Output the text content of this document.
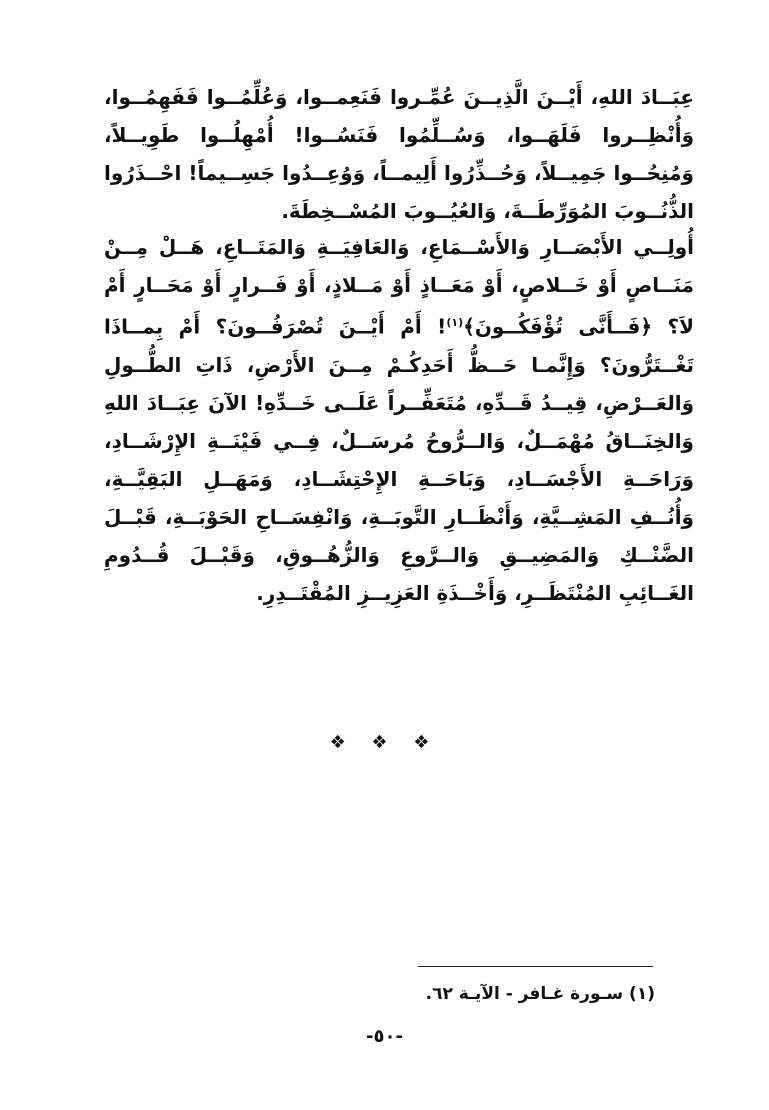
عِبَــادَ اللهِ، أَيْــنَ الَّذِيــنَ عُمِّـروا فَنَعِمــوا، وَعُلِّمُــوا فَفَهِمُــوا، وَأُنْظِــروا فَلَهَــوا، وَسُــلِّمُوا فَنَسُــوا! أُمْهِلُــوا طَوِيــلاً، وَمُنِحُــوا جَمِيــلاً، وَحُــذِّرُوا أَلِيمــاً، وَوُعِــدُوا جَسِــيماً! احْــذَرُوا الذُّنُــوبَ المُوَرِّطَــةَ، وَالعُيُــوبَ المُسْــخِطَةَ.

أُولِــي الأَبْصَــارِ وَالأَسْــمَاعِ، وَالعَافِيَــةِ وَالمَتَــاعِ، هَــلْ مِــنْ مَنَــاصٍ أَوْ خَــلاصٍ، أَوْ مَعَــاذٍ أَوْ مَــلاذٍ، أَوْ فَــرارٍ أَوْ مَحَــارٍ أَمْ لاَ؟ ﴿فَــأَنَّى تُؤْفَكُــونَ﴾$^{(١)}$! أَمْ أَيْــنَ تُصْرَفُــونَ؟ أَمْ بِمــاذَا تَغْــتَرُّونَ؟ وَإِنَّمـا حَــظُّ أَحَدِكُـمْ مِــنَ الأَرْضِ، ذَاتِ الطُّــولِ وَالعَــرْضِ، قِيــدُ قَــدِّهِ، مُتَعَفِّــراً عَلَــى خَــدِّهِ! الآنَ عِبَــادَ اللهِ وَالخِنَــاقُ مُهْمَــلٌ، وَالــرُّوحُ مُرسَــلٌ، فِــي فَيْنَــةِ الإِرْشَــادِ، وَرَاحَــةِ الأَجْسَــادِ، وَبَاحَــةِ الإِحْتِشَــادِ، وَمَهَــلِ البَقِيَّــةِ، وَأُنُــفِ المَشِــيَّةِ، وَأَنْظَــارِ التَّوبَــةِ، وَانْفِسَــاحِ الحَوْبَــةِ، قَبْــلَ الضَّنْــكِ وَالمَضِيــقِ وَالــرَّوعِ وَالزُّهُــوقِ، وَقَبْــلَ قُــدُومِ الغَــائِبِ المُنْتَظَــرِ، وَأَخْــذَةِ العَزِيــزِ المُقْتَــدِرِ.

❖ ❖ ❖
(١) سـورة غـافر - الآيـة ٦٢.
-٥٠-
